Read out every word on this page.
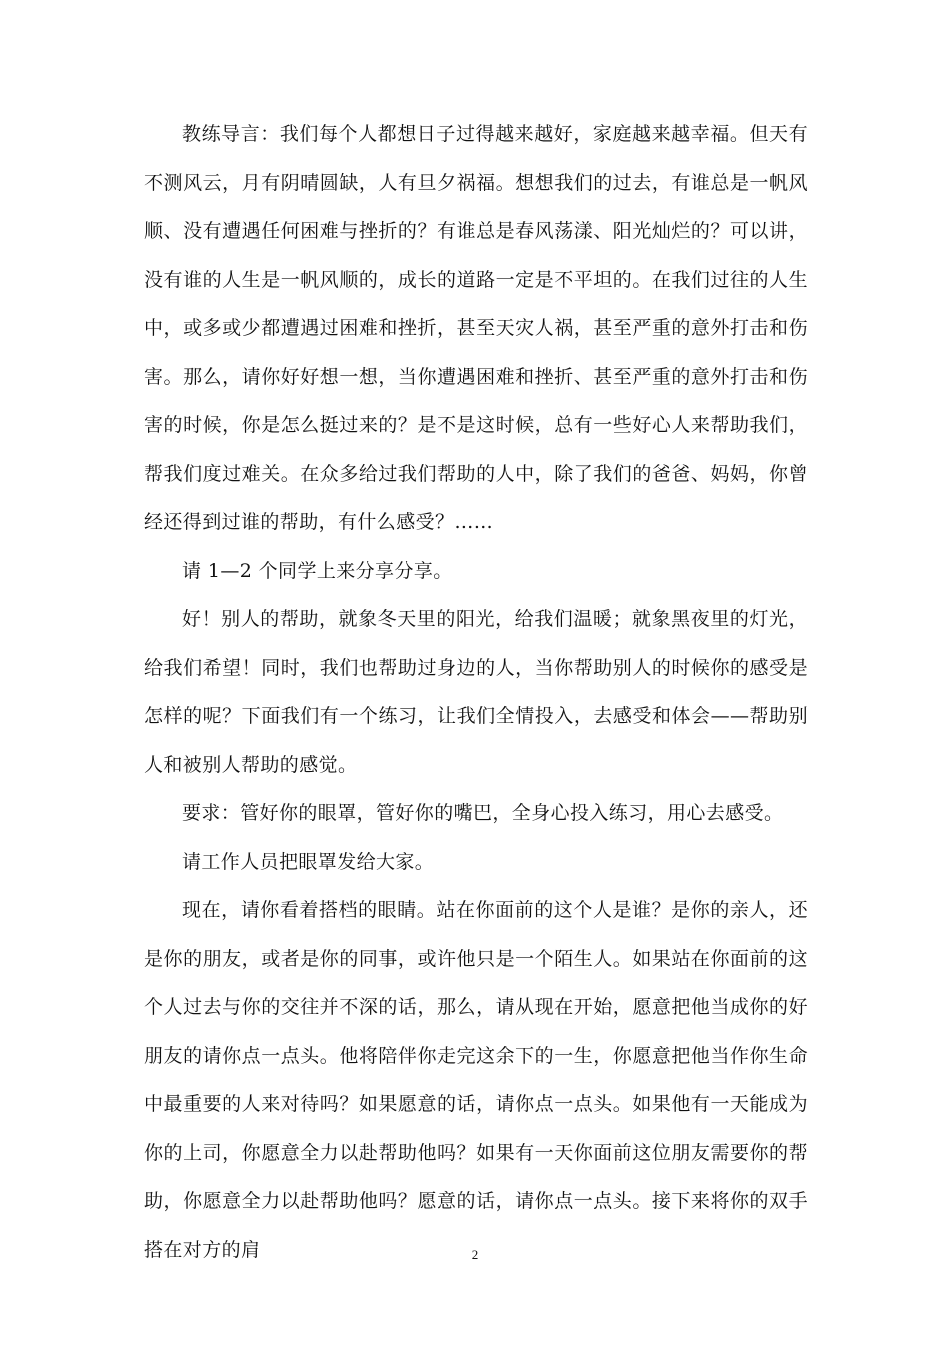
教练导言：我们每个人都想日子过得越来越好，家庭越来越幸福。但天有不测风云，月有阴晴圆缺，人有旦夕祸福。想想我们的过去，有谁总是一帆风顺、没有遭遇任何困难与挫折的？有谁总是春风荡漾、阳光灿烂的？可以讲，没有谁的人生是一帆风顺的，成长的道路一定是不平坦的。在我们过往的人生中，或多或少都遭遇过困难和挫折，甚至天灾人祸，甚至严重的意外打击和伤害。那么，请你好好想一想，当你遭遇困难和挫折、甚至严重的意外打击和伤害的时候，你是怎么挺过来的？是不是这时候，总有一些好心人来帮助我们，帮我们度过难关。在众多给过我们帮助的人中，除了我们的爸爸、妈妈，你曾经还得到过谁的帮助，有什么感受？……

请 1—2 个同学上来分享分享。

好！别人的帮助，就象冬天里的阳光，给我们温暖；就象黑夜里的灯光，给我们希望！同时，我们也帮助过身边的人，当你帮助别人的时候你的感受是怎样的呢？下面我们有一个练习，让我们全情投入，去感受和体会——帮助别人和被别人帮助的感觉。

要求：管好你的眼罩，管好你的嘴巴，全身心投入练习，用心去感受。

请工作人员把眼罩发给大家。

现在，请你看着搭档的眼睛。站在你面前的这个人是谁？是你的亲人，还是你的朋友，或者是你的同事，或许他只是一个陌生人。如果站在你面前的这个人过去与你的交往并不深的话，那么，请从现在开始，愿意把他当成你的好朋友的请你点一点头。他将陪伴你走完这余下的一生，你愿意把他当作你生命中最重要的人来对待吗？如果愿意的话，请你点一点头。如果他有一天能成为你的上司，你愿意全力以赴帮助他吗？如果有一天你面前这位朋友需要你的帮助，你愿意全力以赴帮助他吗？愿意的话，请你点一点头。接下来将你的双手搭在对方的肩	2
